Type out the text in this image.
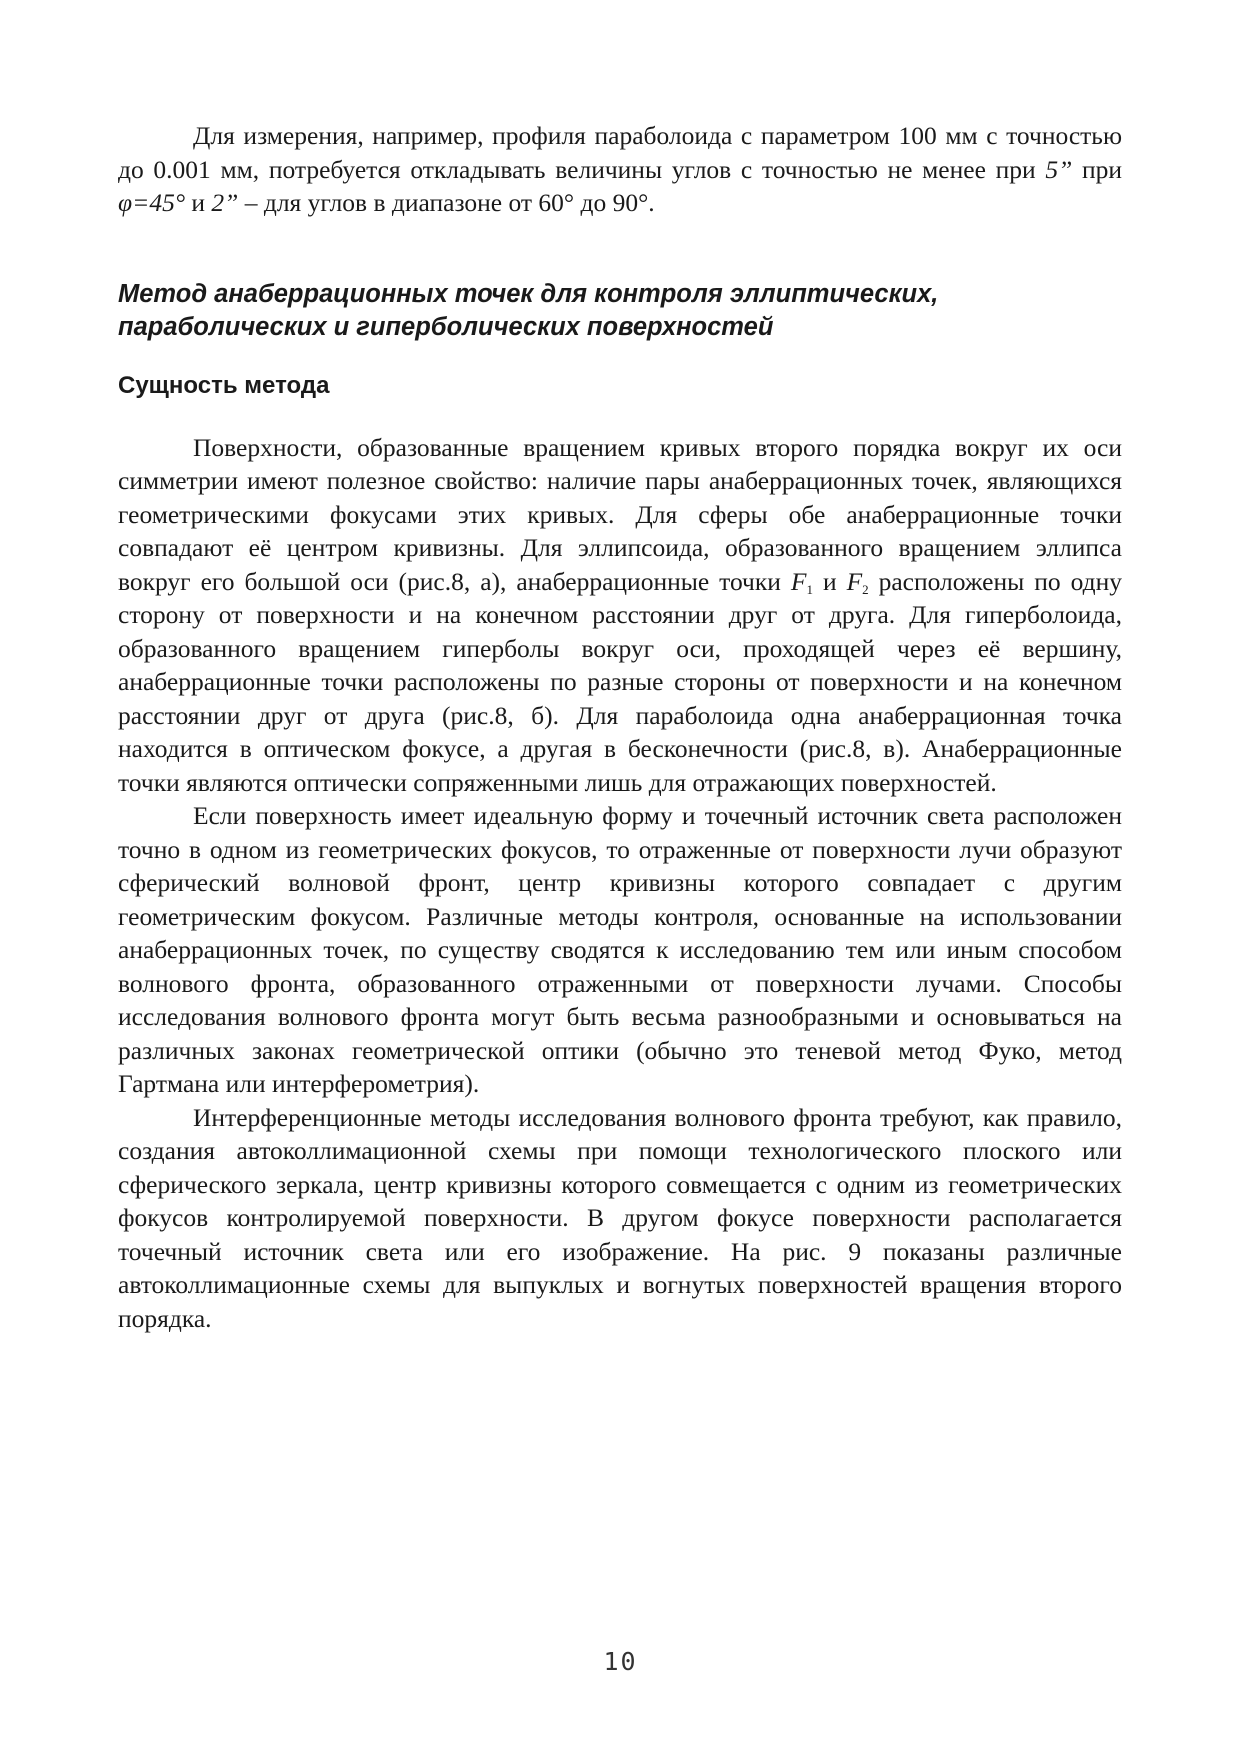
Для измерения, например, профиля параболоида с параметром 100 мм с точностью до 0.001 мм, потребуется откладывать величины углов с точностью не менее при 5” при φ=45° и 2” – для углов в диапазоне от 60° до 90°.

Метод анаберрационных точек для контроля эллиптических, параболических и гиперболических поверхностей
Сущность метода

Поверхности, образованные вращением кривых второго порядка вокруг их оси симметрии имеют полезное свойство: наличие пары анаберрационных точек, являющихся геометрическими фокусами этих кривых. Для сферы обе анаберрационные точки совпадают её центром кривизны. Для эллипсоида, образованного вращением эллипса вокруг его большой оси (рис.8, а), анаберрационные точки $F_1$ и $F_2$ расположены по одну сторону от поверхности и на конечном расстоянии друг от друга. Для гиперболоида, образованного вращением гиперболы вокруг оси, проходящей через её вершину, анаберрационные точки расположены по разные стороны от поверхности и на конечном расстоянии друг от друга (рис.8, б). Для параболоида одна анаберрационная точка находится в оптическом фокусе, а другая в бесконечности (рис.8, в). Анаберрационные точки являются оптически сопряженными лишь для отражающих поверхностей.

Если поверхность имеет идеальную форму и точечный источник света расположен точно в одном из геометрических фокусов, то отраженные от поверхности лучи образуют сферический волновой фронт, центр кривизны которого совпадает с другим геометрическим фокусом. Различные методы контроля, основанные на использовании анаберрационных точек, по существу сводятся к исследованию тем или иным способом волнового фронта, образованного отраженными от поверхности лучами. Способы исследования волнового фронта могут быть весьма разнообразными и основываться на различных законах геометрической оптики (обычно это теневой метод Фуко, метод Гартмана или интерферометрия).

Интерференционные методы исследования волнового фронта требуют, как правило, создания автоколлимационной схемы при помощи технологического плоского или сферического зеркала, центр кривизны которого совмещается с одним из геометрических фокусов контролируемой поверхности. В другом фокусе поверхности располагается точечный источник света или его изображение. На рис. 9 показаны различные автоколлимационные схемы для выпуклых и вогнутых поверхностей вращения второго порядка.

10
